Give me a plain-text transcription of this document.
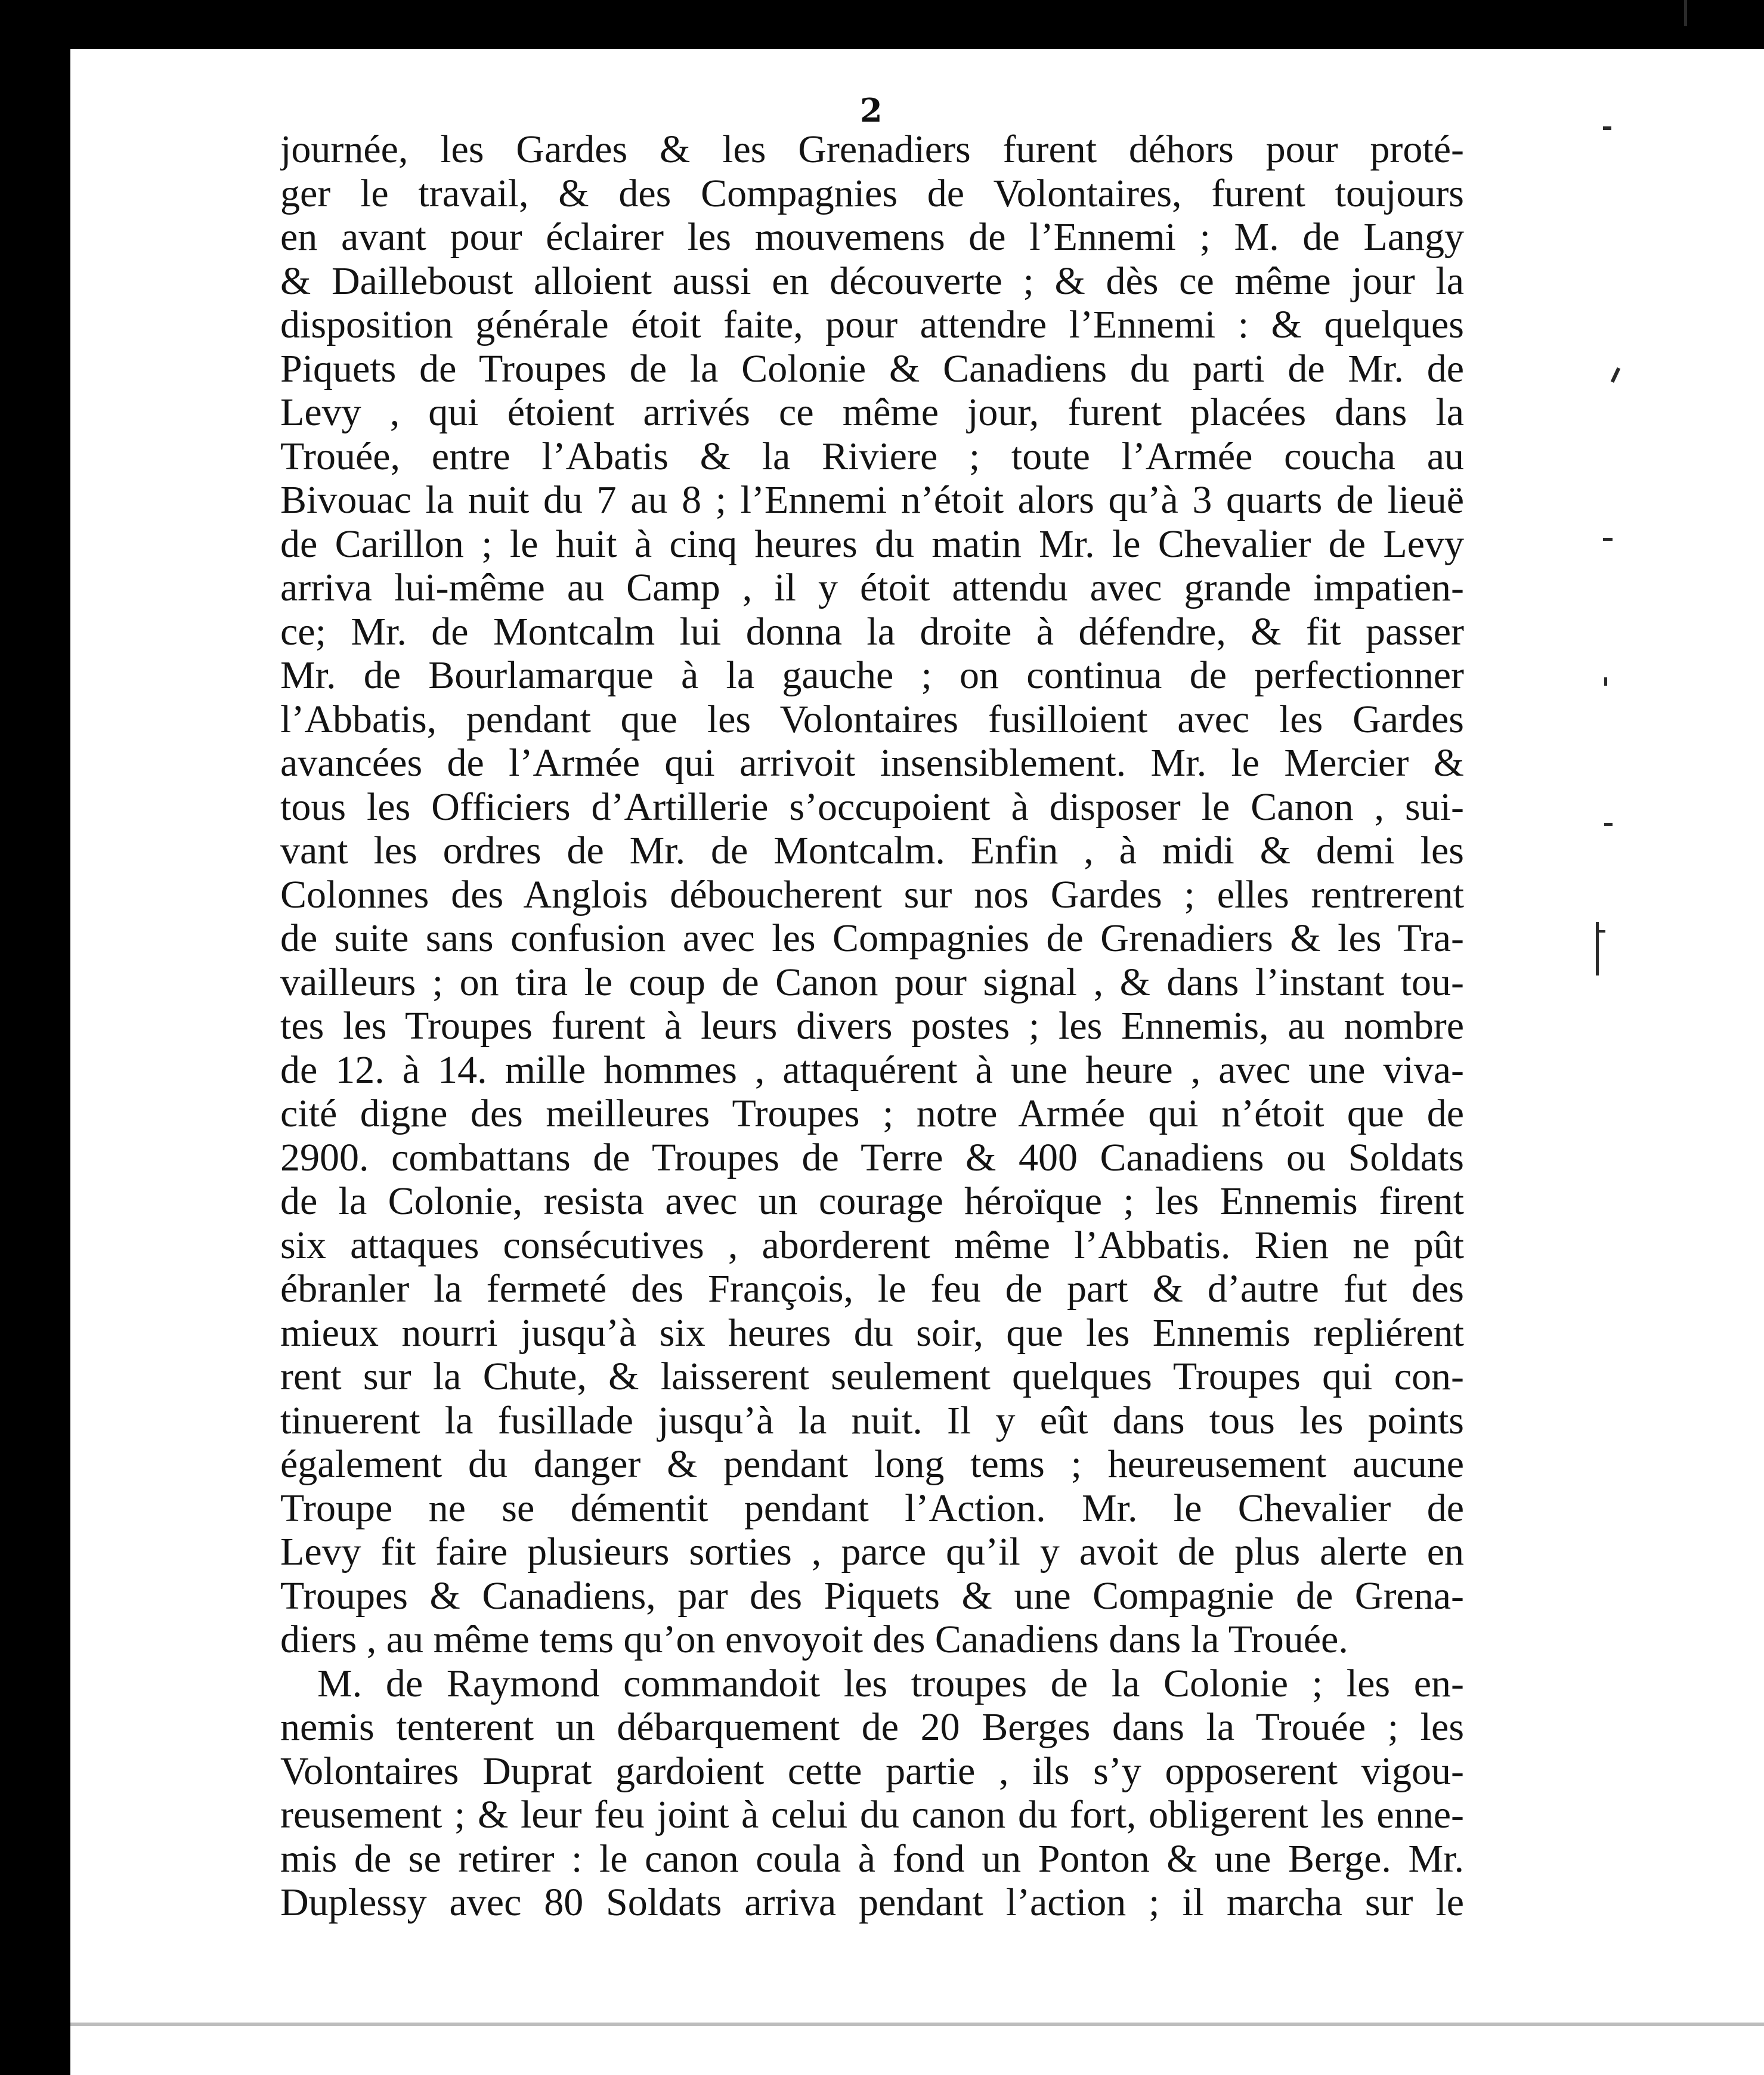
2
journée, les Gardes & les Grenadiers furent déhors pour proté-
ger le travail, & des Compagnies de Volontaires, furent toujours
en avant pour éclairer les mouvemens de l’Ennemi ; M. de Langy
& Dailleboust alloient aussi en découverte ; & dès ce même jour la
disposition générale étoit faite, pour attendre l’Ennemi : & quelques
Piquets de Troupes de la Colonie & Canadiens du parti de Mr. de
Levy , qui étoient arrivés ce même jour, furent placées dans la
Trouée, entre l’Abatis & la Riviere ; toute l’Armée coucha au
Bivouac la nuit du 7 au 8 ; l’Ennemi n’étoit alors qu’à 3 quarts de lieuë
de Carillon ; le huit à cinq heures du matin Mr. le Chevalier de Levy
arriva lui-même au Camp , il y étoit attendu avec grande impatien-
ce; Mr. de Montcalm lui donna la droite à défendre, & fit passer
Mr. de Bourlamarque à la gauche ; on continua de perfectionner
l’Abbatis, pendant que les Volontaires fusilloient avec les Gardes
avancées de l’Armée qui arrivoit insensiblement. Mr. le Mercier &
tous les Officiers d’Artillerie s’occupoient à disposer le Canon , sui-
vant les ordres de Mr. de Montcalm. Enfin , à midi & demi les
Colonnes des Anglois déboucherent sur nos Gardes ; elles rentrerent
de suite sans confusion avec les Compagnies de Grenadiers & les Tra-
vailleurs ; on tira le coup de Canon pour signal , & dans l’instant tou-
tes les Troupes furent à leurs divers postes ; les Ennemis, au nombre
de 12. à 14. mille hommes , attaquérent à une heure , avec une viva-
cité digne des meilleures Troupes ; notre Armée qui n’étoit que de
2900. combattans de Troupes de Terre & 400 Canadiens ou Soldats
de la Colonie, resista avec un courage héroïque ; les Ennemis firent
six attaques consécutives , aborderent même l’Abbatis. Rien ne pût
ébranler la fermeté des François, le feu de part & d’autre fut des
mieux nourri jusqu’à six heures du soir, que les Ennemis repliérent
rent sur la Chute, & laisserent seulement quelques Troupes qui con-
tinuerent la fusillade jusqu’à la nuit. Il y eût dans tous les points
également du danger & pendant long tems ; heureusement aucune
Troupe ne se démentit pendant l’Action. Mr. le Chevalier de
Levy fit faire plusieurs sorties , parce qu’il y avoit de plus alerte en
Troupes & Canadiens, par des Piquets & une Compagnie de Grena-
diers , au même tems qu’on envoyoit des Canadiens dans la Trouée.
M. de Raymond commandoit les troupes de la Colonie ; les en-
nemis tenterent un débarquement de 20 Berges dans la Trouée ; les
Volontaires Duprat gardoient cette partie , ils s’y opposerent vigou-
reusement ; & leur feu joint à celui du canon du fort, obligerent les enne-
mis de se retirer : le canon coula à fond un Ponton & une Berge. Mr.
Duplessy avec 80 Soldats arriva pendant l’action ; il marcha sur le
